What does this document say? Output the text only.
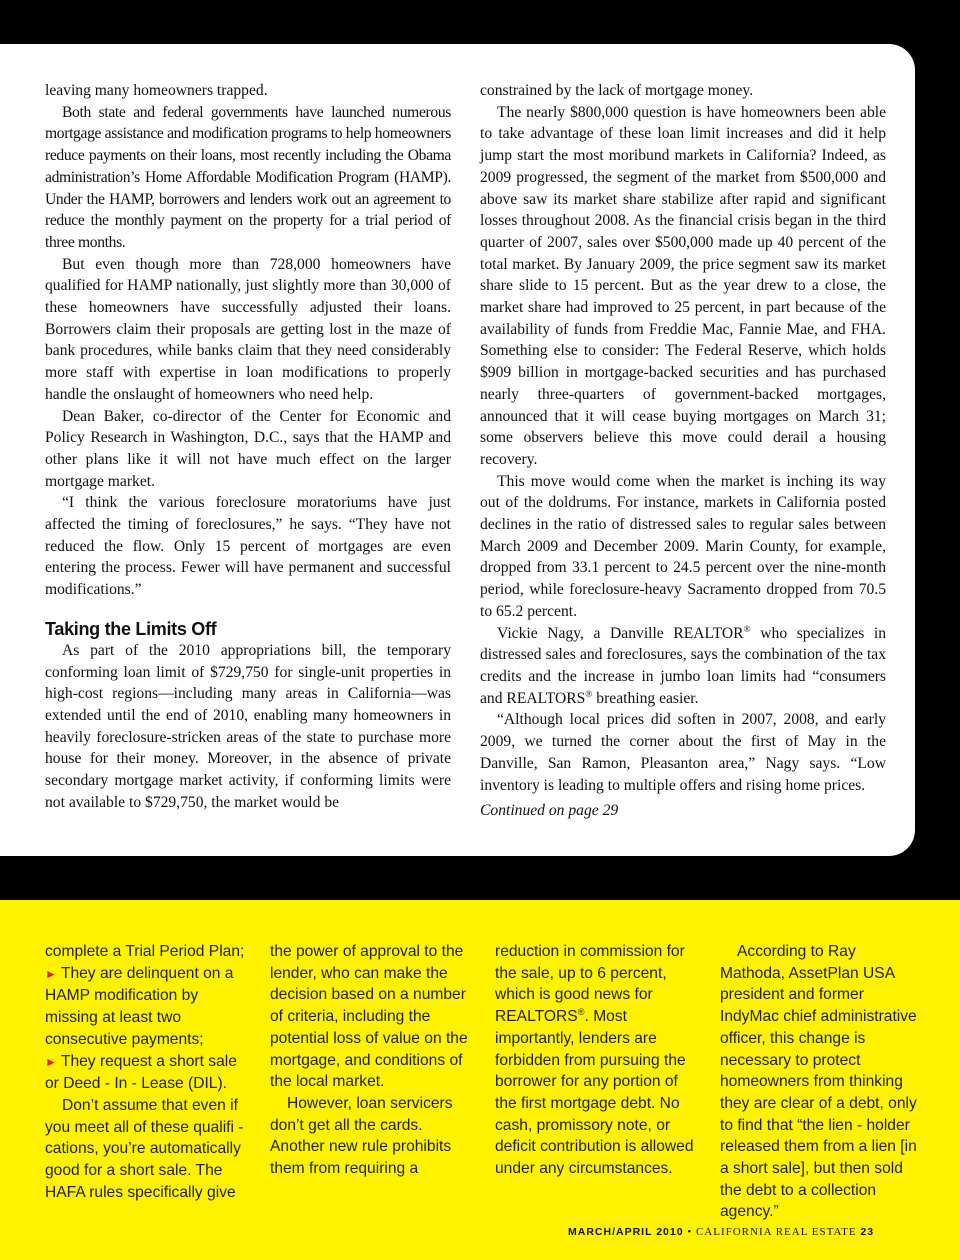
leaving many homeowners trapped.

Both state and federal governments have launched numerous mortgage assistance and modification programs to help homeowners reduce payments on their loans, most recently including the Obama administration’s Home Affordable Modification Program (HAMP). Under the HAMP, borrowers and lenders work out an agreement to reduce the monthly payment on the property for a trial period of three months.

But even though more than 728,000 homeowners have qualified for HAMP nationally, just slightly more than 30,000 of these homeowners have successfully adjusted their loans. Borrowers claim their proposals are getting lost in the maze of bank procedures, while banks claim that they need considerably more staff with expertise in loan modifications to properly handle the onslaught of homeowners who need help.

Dean Baker, co-director of the Center for Economic and Policy Research in Washington, D.C., says that the HAMP and other plans like it will not have much effect on the larger mortgage market.

“I think the various foreclosure moratoriums have just affected the timing of foreclosures,” he says. “They have not reduced the flow. Only 15 percent of mortgages are even entering the process. Fewer will have permanent and successful modifications.”

Taking the Limits Off

As part of the 2010 appropriations bill, the temporary conforming loan limit of $729,750 for single-unit properties in high-cost regions—including many areas in California—was extended until the end of 2010, enabling many homeowners in heavily foreclosure-stricken areas of the state to purchase more house for their money. Moreover, in the absence of private secondary mortgage market activity, if conforming limits were not available to $729,750, the market would be

constrained by the lack of mortgage money.

The nearly $800,000 question is have homeowners been able to take advantage of these loan limit increases and did it help jump start the most moribund markets in California? Indeed, as 2009 progressed, the segment of the market from $500,000 and above saw its market share stabilize after rapid and significant losses throughout 2008. As the financial crisis began in the third quarter of 2007, sales over $500,000 made up 40 percent of the total market. By January 2009, the price segment saw its market share slide to 15 percent. But as the year drew to a close, the market share had improved to 25 percent, in part because of the availability of funds from Freddie Mac, Fannie Mae, and FHA. Something else to consider: The Federal Reserve, which holds $909 billion in mortgage-backed securities and has purchased nearly three-quarters of government-backed mortgages, announced that it will cease buying mortgages on March 31; some observers believe this move could derail a housing recovery.

This move would come when the market is inching its way out of the doldrums. For instance, markets in California posted declines in the ratio of distressed sales to regular sales between March 2009 and December 2009. Marin County, for example, dropped from 33.1 percent to 24.5 percent over the nine-month period, while foreclosure-heavy Sacramento dropped from 70.5 to 65.2 percent.

Vickie Nagy, a Danville REALTOR® who specializes in distressed sales and foreclosures, says the combination of the tax credits and the increase in jumbo loan limits had “consumers and REALTORS® breathing easier.

“Although local prices did soften in 2007, 2008, and early 2009, we turned the corner about the first of May in the Danville, San Ramon, Pleasanton area,” Nagy says. “Low inventory is leading to multiple offers and rising home prices.

Continued on page 29

complete a Trial Period Plan;

► They are delinquent on a HAMP modification by missing at least two consecutive payments;

► They request a short sale or Deed - In - Lease (DIL).

Don’t assume that even if you meet all of these qualifi - cations, you’re automatically good for a short sale. The HAFA rules specifically give

the power of approval to the lender, who can make the decision based on a number of criteria, including the potential loss of value on the mortgage, and conditions of the local market.

However, loan servicers don’t get all the cards. Another new rule prohibits them from requiring a

reduction in commission for the sale, up to 6 percent, which is good news for REALTORS®. Most importantly, lenders are forbidden from pursuing the borrower for any portion of the first mortgage debt. No cash, promissory note, or deficit contribution is allowed under any circumstances.

According to Ray Mathoda, AssetPlan USA president and former IndyMac chief administrative officer, this change is necessary to protect homeowners from thinking they are clear of a debt, only to find that “the lien - holder released them from a lien [in a short sale], but then sold the debt to a collection agency.”

MARCH/APRIL 2010 • CALIFORNIA REAL ESTATE 23
